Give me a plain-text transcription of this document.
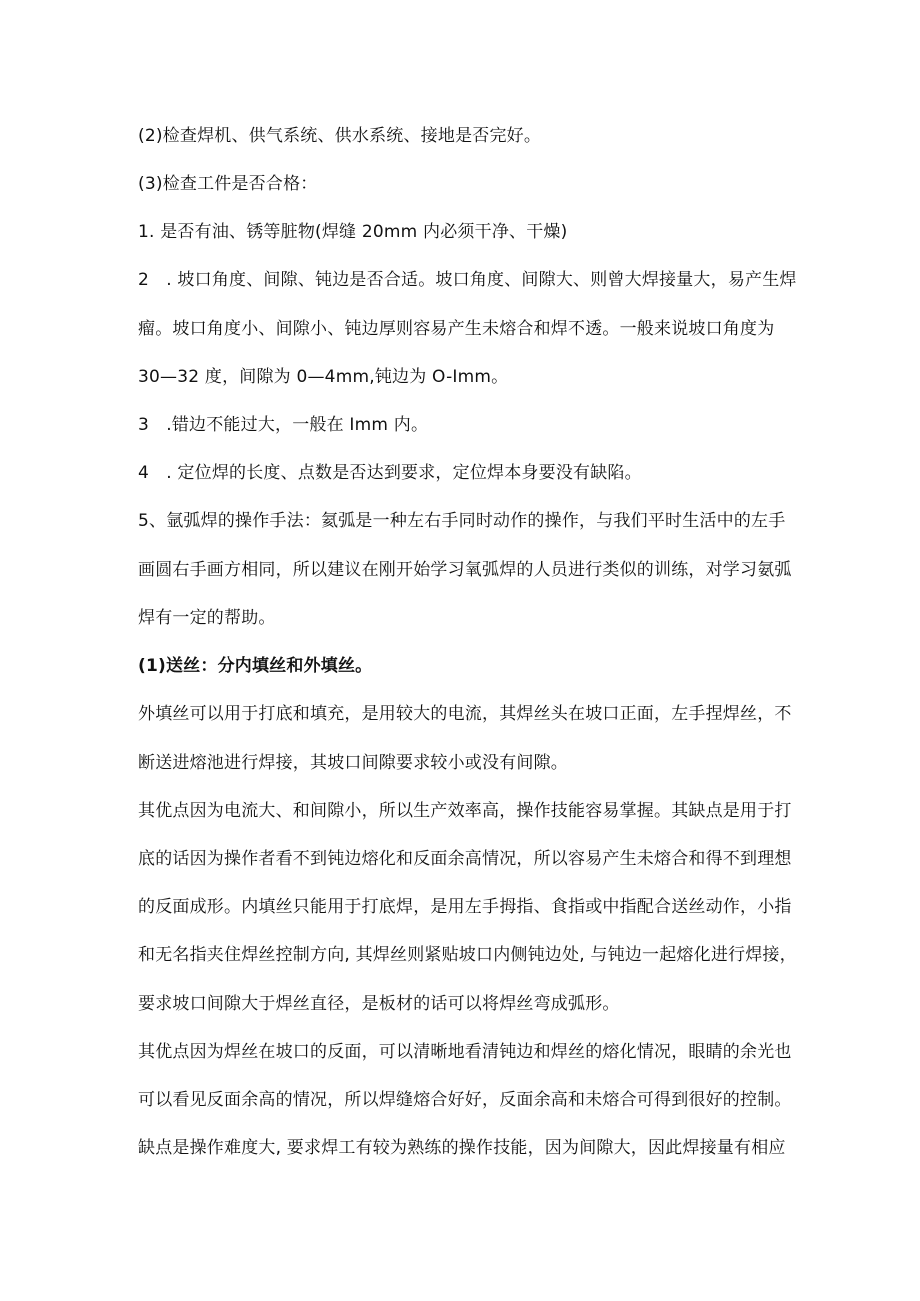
(2)检查焊机、供气系统、供水系统、接地是否完好。
(3)检查工件是否合格：
1. 是否有油、锈等脏物(焊缝 20mm 内必须干净、干燥)
2　. 坡口角度、间隙、钝边是否合适。坡口角度、间隙大、则曾大焊接量大，易产生焊
瘤。坡口角度小、间隙小、钝边厚则容易产生未熔合和焊不透。一般来说坡口角度为
30—32 度，间隙为 0—4mm,钝边为 O-Imm。
3　.错边不能过大，一般在 Imm 内。
4　. 定位焊的长度、点数是否达到要求，定位焊本身要没有缺陷。
5、氩弧焊的操作手法：氦弧是一种左右手同时动作的操作，与我们平时生活中的左手
画圆右手画方相同，所以建议在刚开始学习氧弧焊的人员进行类似的训练，对学习氨弧
焊有一定的帮助。
(1)送丝：分内填丝和外填丝。
外填丝可以用于打底和填充，是用较大的电流，其焊丝头在坡口正面，左手捏焊丝，不
断送进熔池进行焊接，其坡口间隙要求较小或没有间隙。
其优点因为电流大、和间隙小，所以生产效率高，操作技能容易掌握。其缺点是用于打
底的话因为操作者看不到钝边熔化和反面余高情况，所以容易产生未熔合和得不到理想
的反面成形。内填丝只能用于打底焊，是用左手拇指、食指或中指配合送丝动作，小指
和无名指夹住焊丝控制方向, 其焊丝则紧贴坡口内侧钝边处, 与钝边一起熔化进行焊接，
要求坡口间隙大于焊丝直径，是板材的话可以将焊丝弯成弧形。
其优点因为焊丝在坡口的反面，可以清晰地看清钝边和焊丝的熔化情况，眼睛的余光也
可以看见反面余高的情况，所以焊缝熔合好好，反面余高和未熔合可得到很好的控制。
缺点是操作难度大, 要求焊工有较为熟练的操作技能，因为间隙大，因此焊接量有相应
